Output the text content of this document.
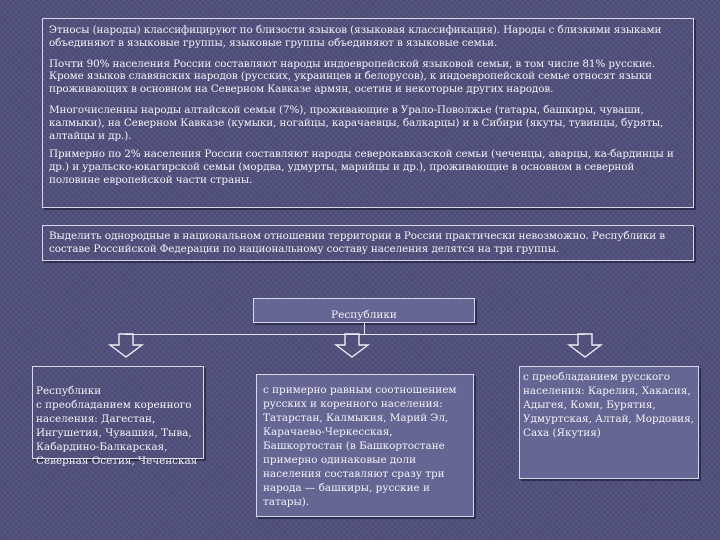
Этносы (народы) классифицируют по близости языков (языковая классификация). Народы с близкими языками объединяют в языковые группы, языковые группы объединяют в языковые семьи.

Почти 90% населения России составляют народы индоевропейской языковой семьи, в том числе 81% русские. Кроме языков славянских народов (русских, украинцев и белорусов), к индоевропейской семье относят языки проживающих в основном на Северном Кавказе армян, осетин и некоторые других народов.

Многочисленны народы алтайской семьи (7%), проживающие в Урало-Поволжье (татары, башкиры, чуваши, калмыки), на Северном Кавказе (кумыки, ногайцы, карачаевцы, балкарцы) и в Сибири (якуты, тувинцы, буряты, алтайцы и др.).

Примерно по 2% населения России составляют народы северокавказской семьи (чеченцы, аварцы, ка-бардинцы и др.) и уральско-юкагирской семьи (мордва, удмурты, марийцы и др.), проживающие в основном в северной половине европейской части страны.

Выделить однородные в национальном отношении территории в России практически невозможно. Республики в составе Российской Федерации по национальному составу населения делятся на три группы.

Республики

Республики
с преобладанием коренного населения: Дагестан, Ингушетия, Чувашия, Тыва, Кабардино-Балкарская, Северная Осетия, Чеченская

с примерно равным соотношением русских и коренного населения: Татарстан, Калмыкия, Марий Эл, Карачаево-Черкесская, Башкортостан (в Башкортостане примерно одинаковые доли населения составляют сразу три народа — башкиры, русские и татары).
с преобладанием русского населения: Карелия, Хакасия, Адыгея, Коми, Бурятия, Удмуртская, Алтай, Мордовия, Саха (Якутия)
